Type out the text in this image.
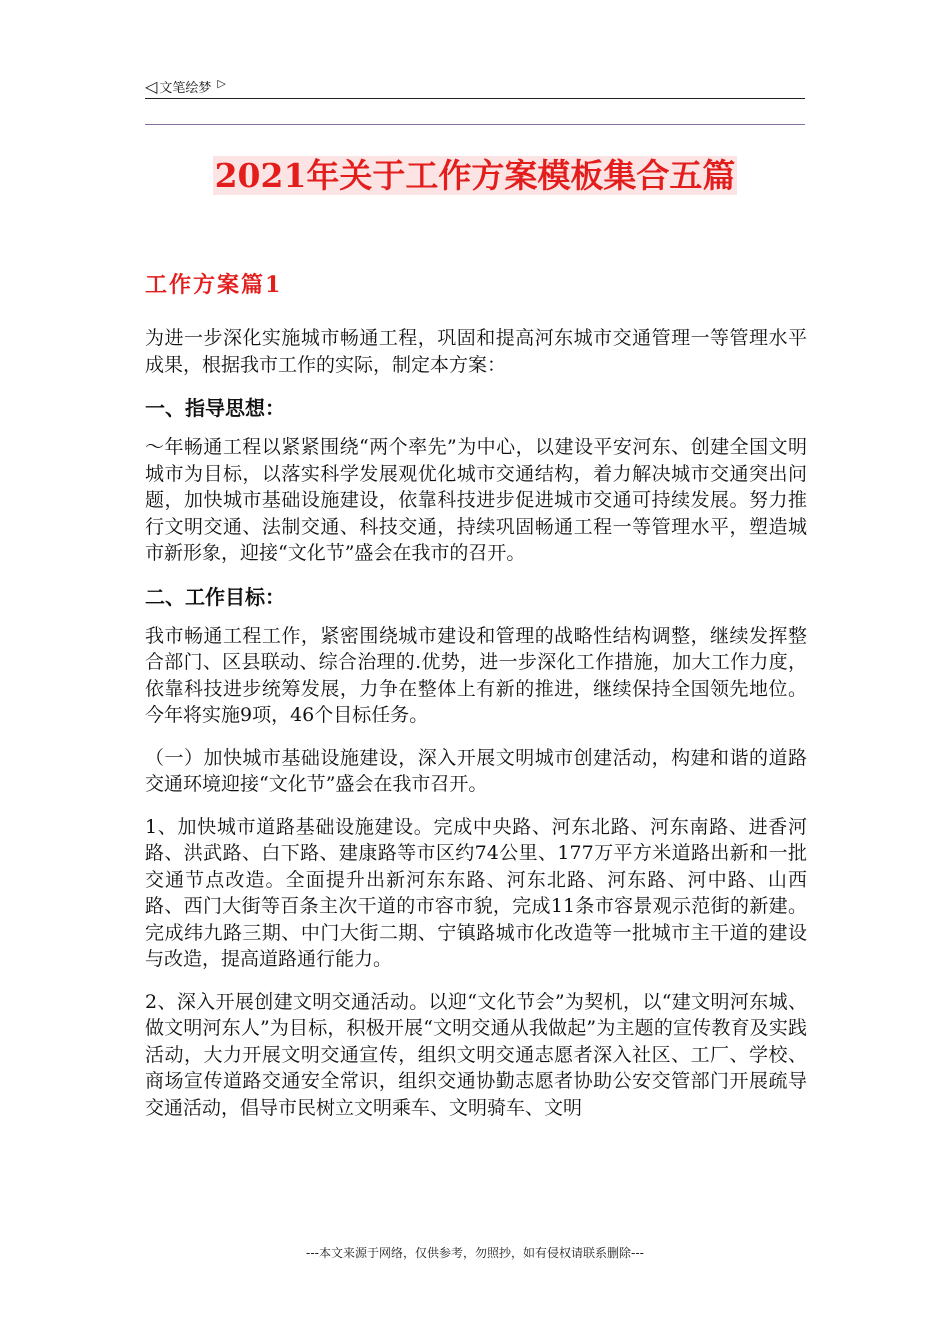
◁ 文笔绘梦 ▷
2021年关于工作方案模板集合五篇
工作方案篇1

为进一步深化实施城市畅通工程，巩固和提高河东城市交通管理一等管理水平成果，根据我市工作的实际，制定本方案：

一、指导思想：

～年畅通工程以紧紧围绕“两个率先”为中心，以建设平安河东、创建全国文明城市为目标，以落实科学发展观优化城市交通结构，着力解决城市交通突出问题，加快城市基础设施建设，依靠科技进步促进城市交通可持续发展。努力推行文明交通、法制交通、科技交通，持续巩固畅通工程一等管理水平，塑造城市新形象，迎接“文化节”盛会在我市的召开。

二、工作目标：

我市畅通工程工作，紧密围绕城市建设和管理的战略性结构调整，继续发挥整合部门、区县联动、综合治理的.优势，进一步深化工作措施，加大工作力度，依靠科技进步统筹发展，力争在整体上有新的推进，继续保持全国领先地位。今年将实施9项，46个目标任务。

（一）加快城市基础设施建设，深入开展文明城市创建活动，构建和谐的道路交通环境迎接“文化节”盛会在我市召开。

1、加快城市道路基础设施建设。完成中央路、河东北路、河东南路、进香河路、洪武路、白下路、建康路等市区约74公里、177万平方米道路出新和一批交通节点改造。全面提升出新河东东路、河东北路、河东路、河中路、山西路、西门大街等百条主次干道的市容市貌，完成11条市容景观示范街的新建。完成纬九路三期、中门大街二期、宁镇路城市化改造等一批城市主干道的建设与改造，提高道路通行能力。

2、深入开展创建文明交通活动。以迎“文化节会”为契机，以“建文明河东城、做文明河东人”为目标，积极开展“文明交通从我做起”为主题的宣传教育及实践活动，大力开展文明交通宣传，组织文明交通志愿者深入社区、工厂、学校、商场宣传道路交通安全常识，组织交通协勤志愿者协助公安交管部门开展疏导交通活动，倡导市民树立文明乘车、文明骑车、文明

---本文来源于网络，仅供参考，勿照抄，如有侵权请联系删除---
